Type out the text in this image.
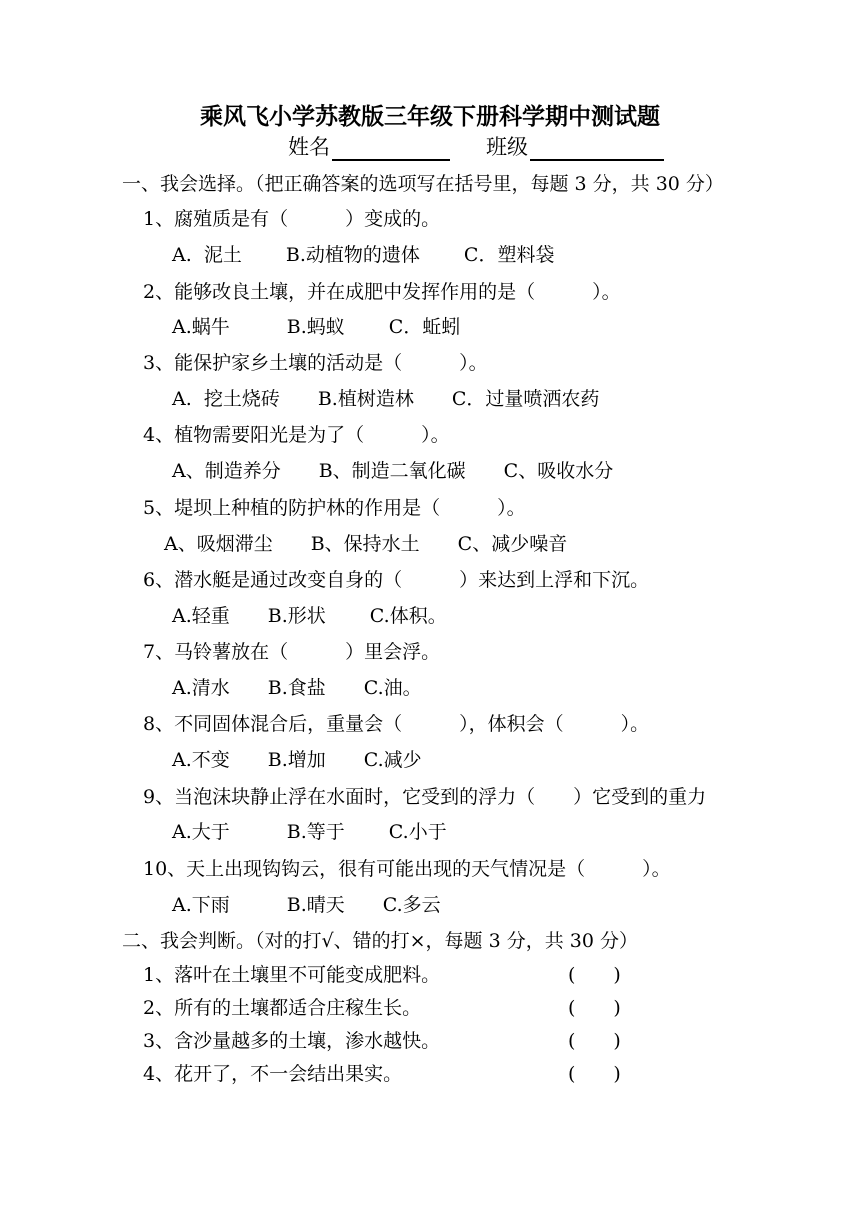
乘风飞小学苏教版三年级下册科学期中测试题
姓名	班级
一、我会选择。（把正确答案的选项写在括号里，每题 3 分，共 30 分）
1、腐殖质是有（　　　）变成的。
A.  泥土　　 B.动植物的遗体　　 C．塑料袋
2、能够改良土壤，并在成肥中发挥作用的是（　　　）。
A.蜗牛　　　B.蚂蚁　　 C．蚯蚓
3、能保护家乡土壤的活动是（　　　）。
A.  挖土烧砖　　B.植树造林　　C．过量喷洒农药
4、植物需要阳光是为了（　　　）。
A、制造养分　　B、制造二氧化碳　　C、吸收水分
5、堤坝上种植的防护林的作用是（　　　）。
A、吸烟滞尘　　B、保持水土　　C、减少噪音
6、潜水艇是通过改变自身的（　　　）来达到上浮和下沉。
A.轻重　　B.形状　　 C.体积。
7、马铃薯放在（　　　）里会浮。
A.清水　　B.食盐　　C.油。
8、不同固体混合后，重量会（　　　），体积会（　　　）。
A.不变　　B.增加　　C.减少
9、当泡沫块静止浮在水面时，它受到的浮力（　　）它受到的重力
A.大于　　　B.等于　　 C.小于
10、天上出现钩钩云，很有可能出现的天气情况是（　　　）。
A.下雨　　　B.晴天　　C.多云
二、我会判断。（对的打√、错的打×，每题 3 分，共 30 分）
1、落叶在土壤里不可能变成肥料。	(　　)
2、所有的土壤都适合庄稼生长。	(　　)
3、含沙量越多的土壤，渗水越快。	(　　)
4、花开了，不一会结出果实。	(　　)
